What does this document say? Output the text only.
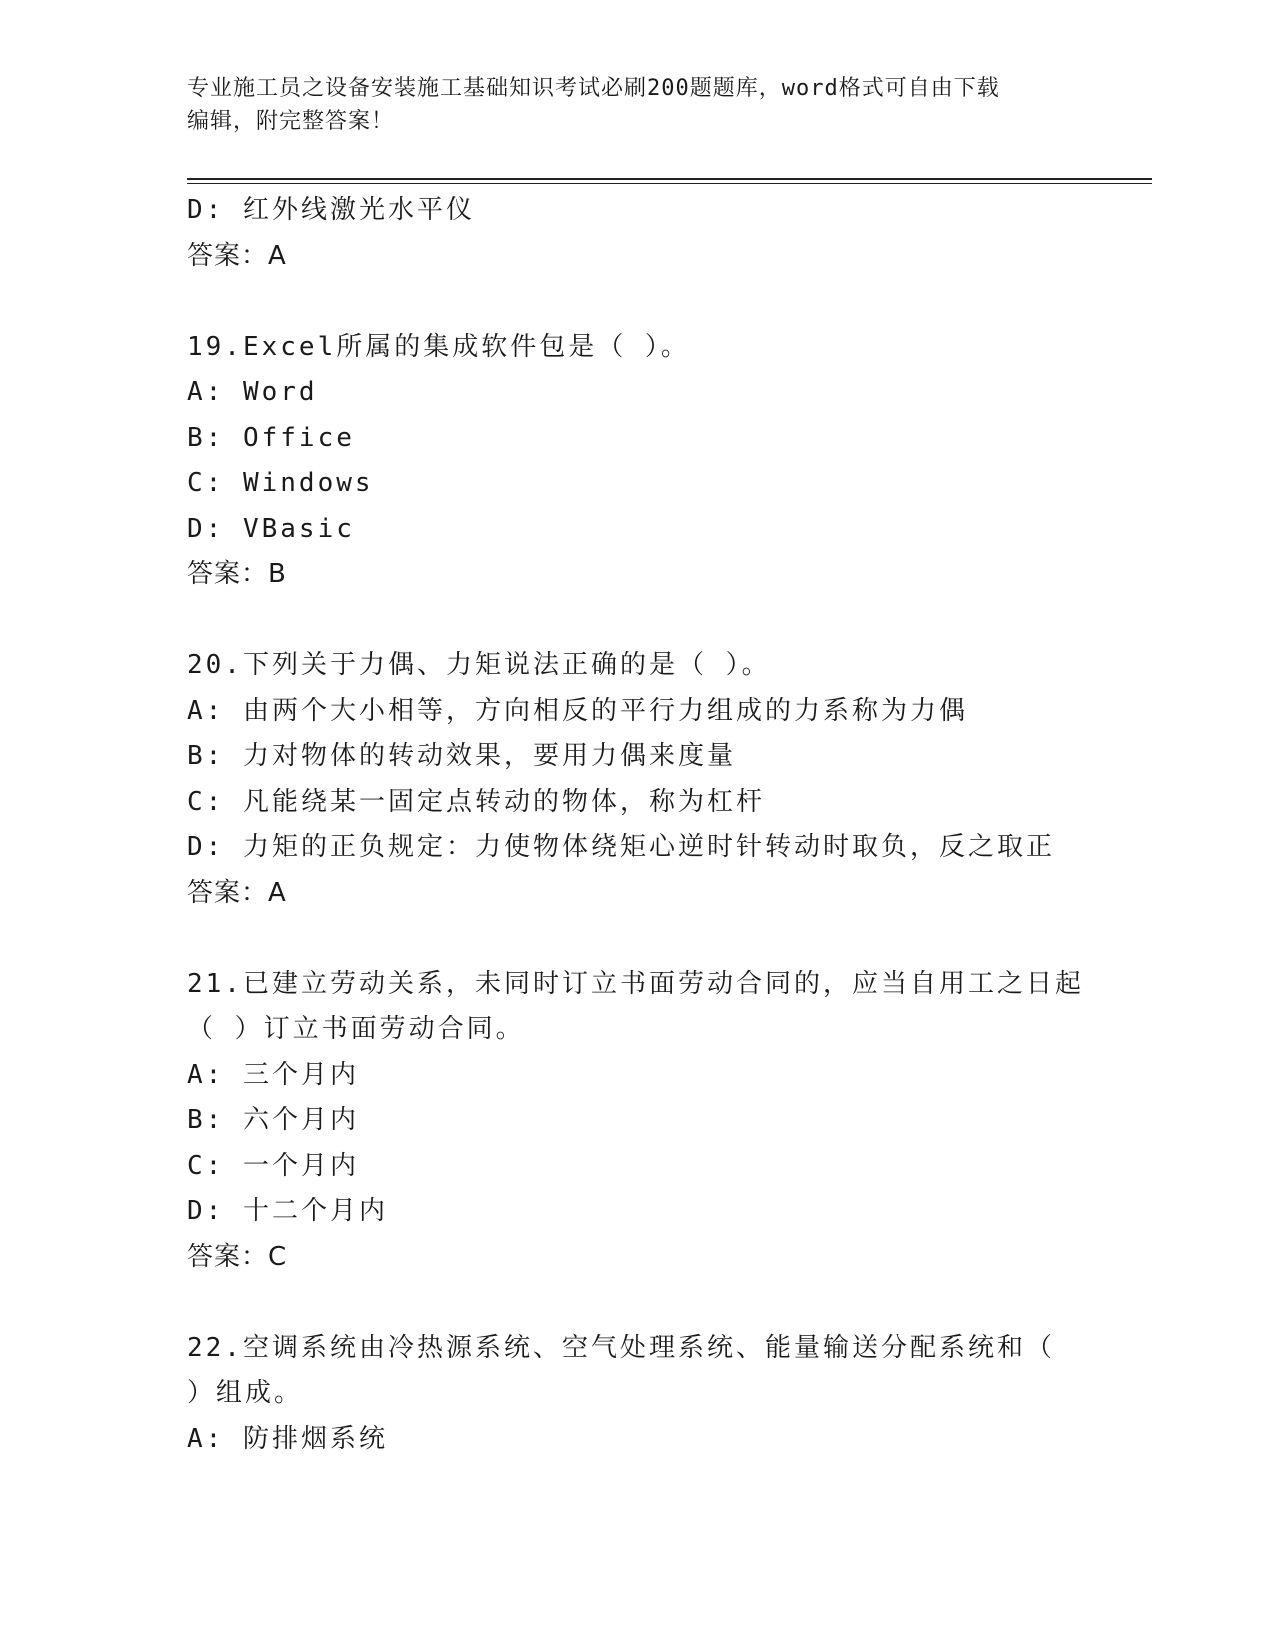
专业施工员之设备安装施工基础知识考试必刷200题题库，word格式可自由下载
编辑，附完整答案！
D: 红外线激光水平仪
答案：A
19.Excel所属的集成软件包是（ ）。
A: Word
B: Office
C: Windows
D: VBasic
答案：B
20.下列关于力偶、力矩说法正确的是（ ）。
A: 由两个大小相等，方向相反的平行力组成的力系称为力偶
B: 力对物体的转动效果，要用力偶来度量
C: 凡能绕某一固定点转动的物体，称为杠杆
D: 力矩的正负规定：力使物体绕矩心逆时针转动时取负，反之取正
答案：A
21.已建立劳动关系，未同时订立书面劳动合同的，应当自用工之日起
（ ）订立书面劳动合同。
A: 三个月内
B: 六个月内
C: 一个月内
D: 十二个月内
答案：C
22.空调系统由冷热源系统、空气处理系统、能量输送分配系统和（
）组成。
A: 防排烟系统
